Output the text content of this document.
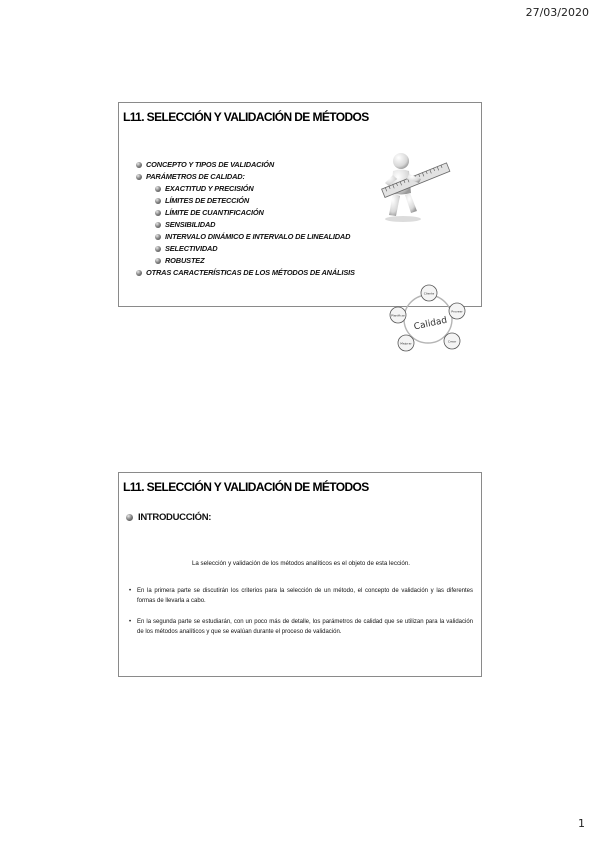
27/03/2020
L11. SELECCIÓN Y VALIDACIÓN DE MÉTODOS
CONCEPTO Y TIPOS DE VALIDACIÓN
PARÁMETROS DE CALIDAD:
EXACTITUD Y PRECISIÓN
LÍMITES DE DETECCIÓN
LÍMITE DE CUANTIFICACIÓN
SENSIBILIDAD
INTERVALO DINÁMICO E INTERVALO DE LINEALIDAD
SELECTIVIDAD
ROBUSTEZ
OTRAS CARACTERÍSTICAS DE LOS MÉTODOS DE ANÁLISIS
Cliente
Proveer
Crear
Mejorar
Planificar
Calidad
L11. SELECCIÓN Y VALIDACIÓN DE MÉTODOS
INTRODUCCIÓN:
La selección y validación de los métodos analíticos es el objeto de esta lección.
• En la primera parte se discutirán los criterios para la selección de un método, el concepto de validación y las diferentes formas de llevarla a cabo.
• En la segunda parte se estudiarán, con un poco más de detalle, los parámetros de calidad que se utilizan para la validación de los métodos analíticos y que se evalúan durante el proceso de validación.
1
